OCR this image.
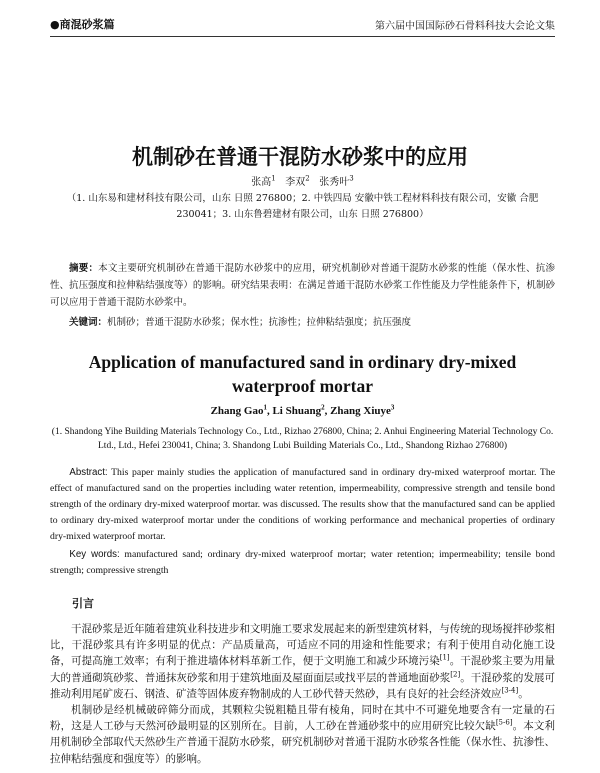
●商混砂浆篇	第六届中国国际砂石骨料科技大会论文集
机制砂在普通干混防水砂浆中的应用
张高$^1$ 李双$^2$ 张秀叶$^3$
（1. 山东易和建材科技有限公司，山东 日照 276800；2. 中铁四局 安徽中铁工程材料科技有限公司，安徽 合肥 230041；3. 山东鲁碧建材有限公司，山东 日照 276800）
摘要：本文主要研究机制砂在普通干混防水砂浆中的应用，研究机制砂对普通干混防水砂浆的性能（保水性、抗渗性、抗压强度和拉伸粘结强度等）的影响。研究结果表明：在满足普通干混防水砂浆工作性能及力学性能条件下，机制砂可以应用于普通干混防水砂浆中。
关键词：机制砂；普通干混防水砂浆；保水性；抗渗性；拉伸粘结强度；抗压强度
Application of manufactured sand in ordinary dry-mixed waterproof mortar
Zhang Gao$^1$, Li Shuang$^2$, Zhang Xiuye$^3$
(1. Shandong Yihe Building Materials Technology Co., Ltd., Rizhao 276800, China; 2. Anhui Engineering Material Technology Co. Ltd., Ltd., Hefei 230041, China; 3. Shandong Lubi Building Materials Co., Ltd., Shandong Rizhao 276800)
Abstract: This paper mainly studies the application of manufactured sand in ordinary dry-mixed waterproof mortar. The effect of manufactured sand on the properties including water retention, impermeability, compressive strength and tensile bond strength of the ordinary dry-mixed waterproof mortar. was discussed. The results show that the manufactured sand can be applied to ordinary dry-mixed waterproof mortar under the conditions of working performance and mechanical properties of ordinary dry-mixed waterproof mortar.
Key words: manufactured sand; ordinary dry-mixed waterproof mortar; water retention; impermeability; tensile bond strength; compressive strength
引言
干混砂浆是近年随着建筑业科技进步和文明施工要求发展起来的新型建筑材料，与传统的现场搅拌砂浆相比，干混砂浆具有许多明显的优点：产品质量高，可适应不同的用途和性能要求；有利于使用自动化施工设备，可提高施工效率；有利于推进墙体材料革新工作，便于文明施工和减少环境污染[1]。干混砂浆主要为用量大的普通砌筑砂浆、普通抹灰砂浆和用于建筑地面及屋面面层或找平层的普通地面砂浆[2]。干混砂浆的发展可推动利用尾矿废石、钢渣、矿渣等固体废弃物制成的人工砂代替天然砂，具有良好的社会经济效应[3-4]。
机制砂是经机械破碎筛分而成，其颗粒尖锐粗糙且带有棱角，同时在其中不可避免地要含有一定量的石粉，这是人工砂与天然河砂最明显的区别所在。目前，人工砂在普通砂浆中的应用研究比较欠缺[5-6]。本文利用机制砂全部取代天然砂生产普通干混防水砂浆，研究机制砂对普通干混防水砂浆各性能（保水性、抗渗性、拉伸粘结强度和强度等）的影响。
